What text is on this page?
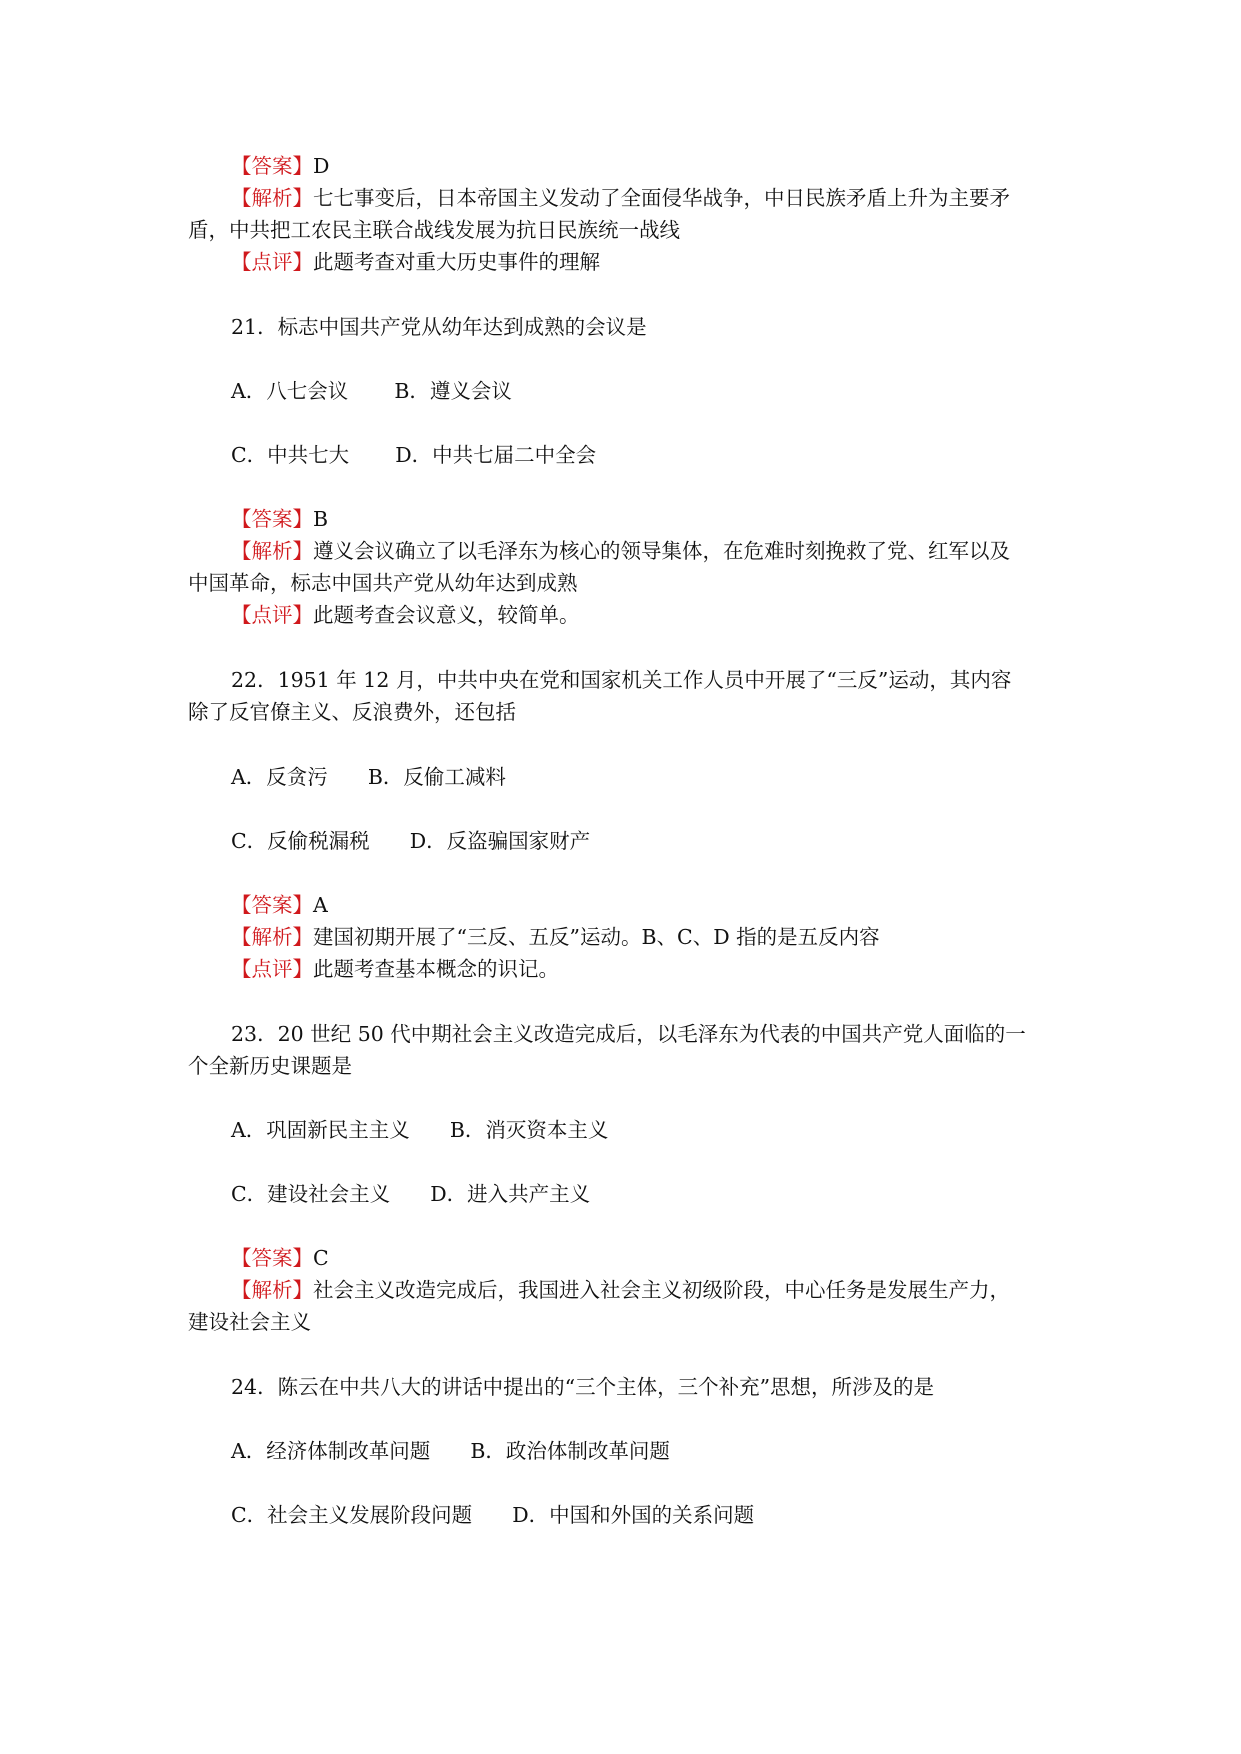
【答案】D
【解析】七七事变后，日本帝国主义发动了全面侵华战争，中日民族矛盾上升为主要矛
盾，中共把工农民主联合战线发展为抗日民族统一战线
【点评】此题考查对重大历史事件的理解
21．标志中国共产党从幼年达到成熟的会议是
A．八七会议 B．遵义会议
C．中共七大 D．中共七届二中全会
【答案】B
【解析】遵义会议确立了以毛泽东为核心的领导集体，在危难时刻挽救了党、红军以及
中国革命，标志中国共产党从幼年达到成熟
【点评】此题考查会议意义，较简单。
22．1951 年 12 月，中共中央在党和国家机关工作人员中开展了“三反”运动，其内容
除了反官僚主义、反浪费外，还包括
A．反贪污 B．反偷工减料
C．反偷税漏税 D．反盗骗国家财产
【答案】A
【解析】建国初期开展了“三反、五反”运动。B、C、D 指的是五反内容
【点评】此题考查基本概念的识记。
23．20 世纪 50 代中期社会主义改造完成后，以毛泽东为代表的中国共产党人面临的一
个全新历史课题是
A．巩固新民主主义 B．消灭资本主义
C．建设社会主义 D．进入共产主义
【答案】C
【解析】社会主义改造完成后，我国进入社会主义初级阶段，中心任务是发展生产力，
建设社会主义
24．陈云在中共八大的讲话中提出的“三个主体，三个补充”思想，所涉及的是
A．经济体制改革问题 B．政治体制改革问题
C．社会主义发展阶段问题 D．中国和外国的关系问题
